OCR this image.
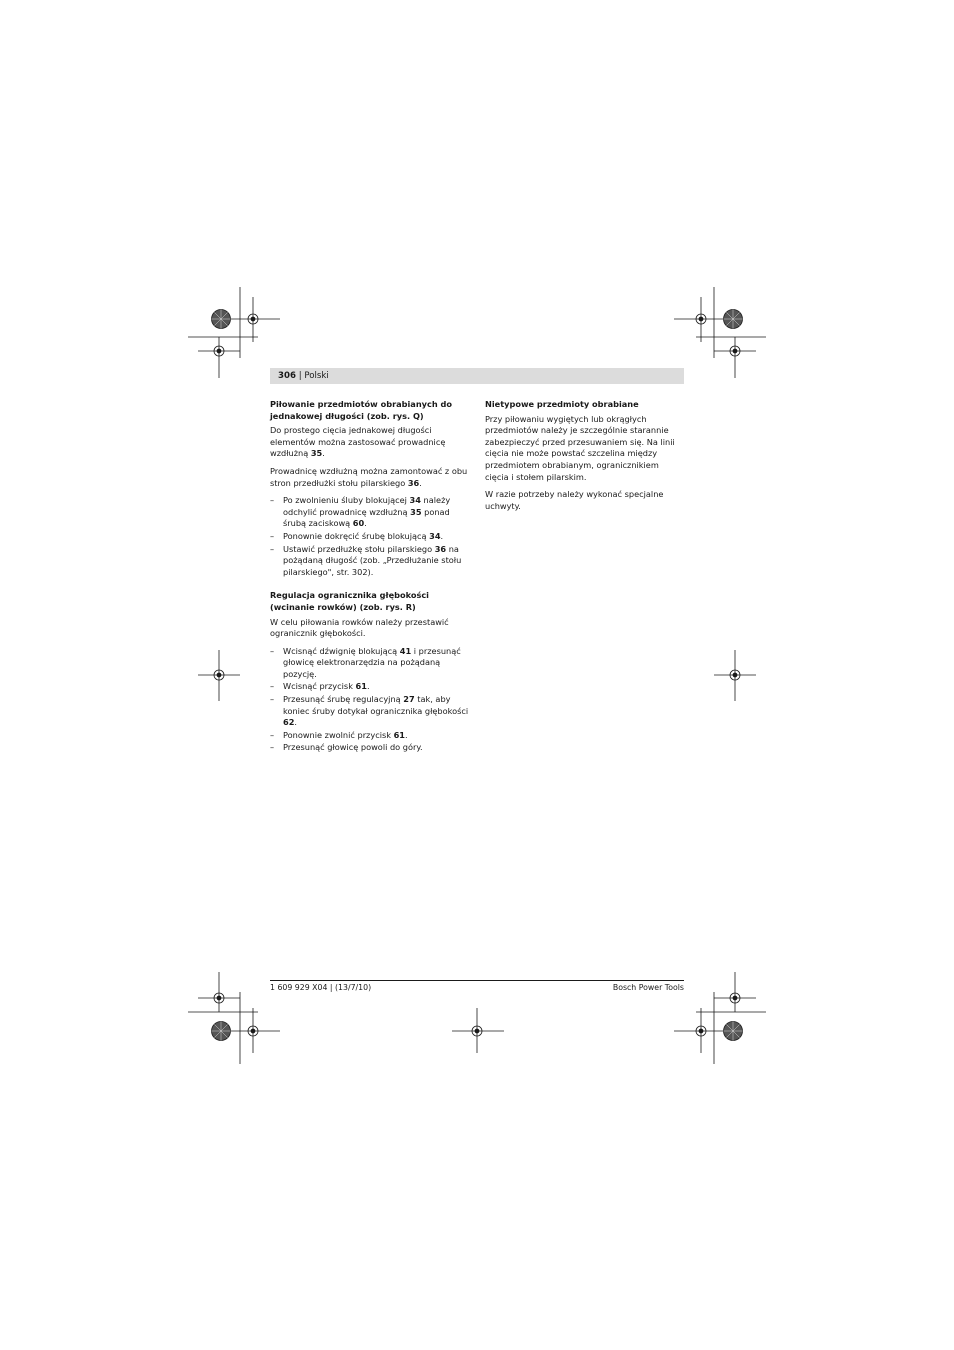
306 | Polski
Piłowanie przedmiotów obrabianych do jednakowej długości (zob. rys. Q)

Do prostego cięcia jednakowej długości elementów można zastosować prowadnicę wzdłużną 35.

Prowadnicę wzdłużną można zamontować z obu stron przedłużki stołu pilarskiego 36.

– Po zwolnieniu śluby blokującej 34 należy odchylić prowadnicę wzdłużną 35 ponad śrubą zaciskową 60.
– Ponownie dokręcić śrubę blokującą 34.
– Ustawić przedłużkę stołu pilarskiego 36 na pożądaną długość (zob. „Przedłużanie stołu pilarskiego", str. 302).
Regulacja ogranicznika głębokości (wcinanie rowków) (zob. rys. R)

W celu piłowania rowków należy przestawić ogranicznik głębokości.

– Wcisnąć dźwignię blokującą 41 i przesunąć głowicę elektronarzędzia na pożądaną pozycję.
– Wcisnąć przycisk 61.
– Przesunąć śrubę regulacyjną 27 tak, aby koniec śruby dotykał ogranicznika głębokości 62.
– Ponownie zwolnić przycisk 61.
– Przesunąć głowicę powoli do góry.
Nietypowe przedmioty obrabiane

Przy piłowaniu wygiętych lub okrągłych przedmiotów należy je szczególnie starannie zabezpieczyć przed przesuwaniem się. Na linii cięcia nie może powstać szczelina między przedmiotem obrabianym, ogranicznikiem cięcia i stołem pilarskim.

W razie potrzeby należy wykonać specjalne uchwyty.

1 609 929 X04 | (13/7/10)	Bosch Power Tools
